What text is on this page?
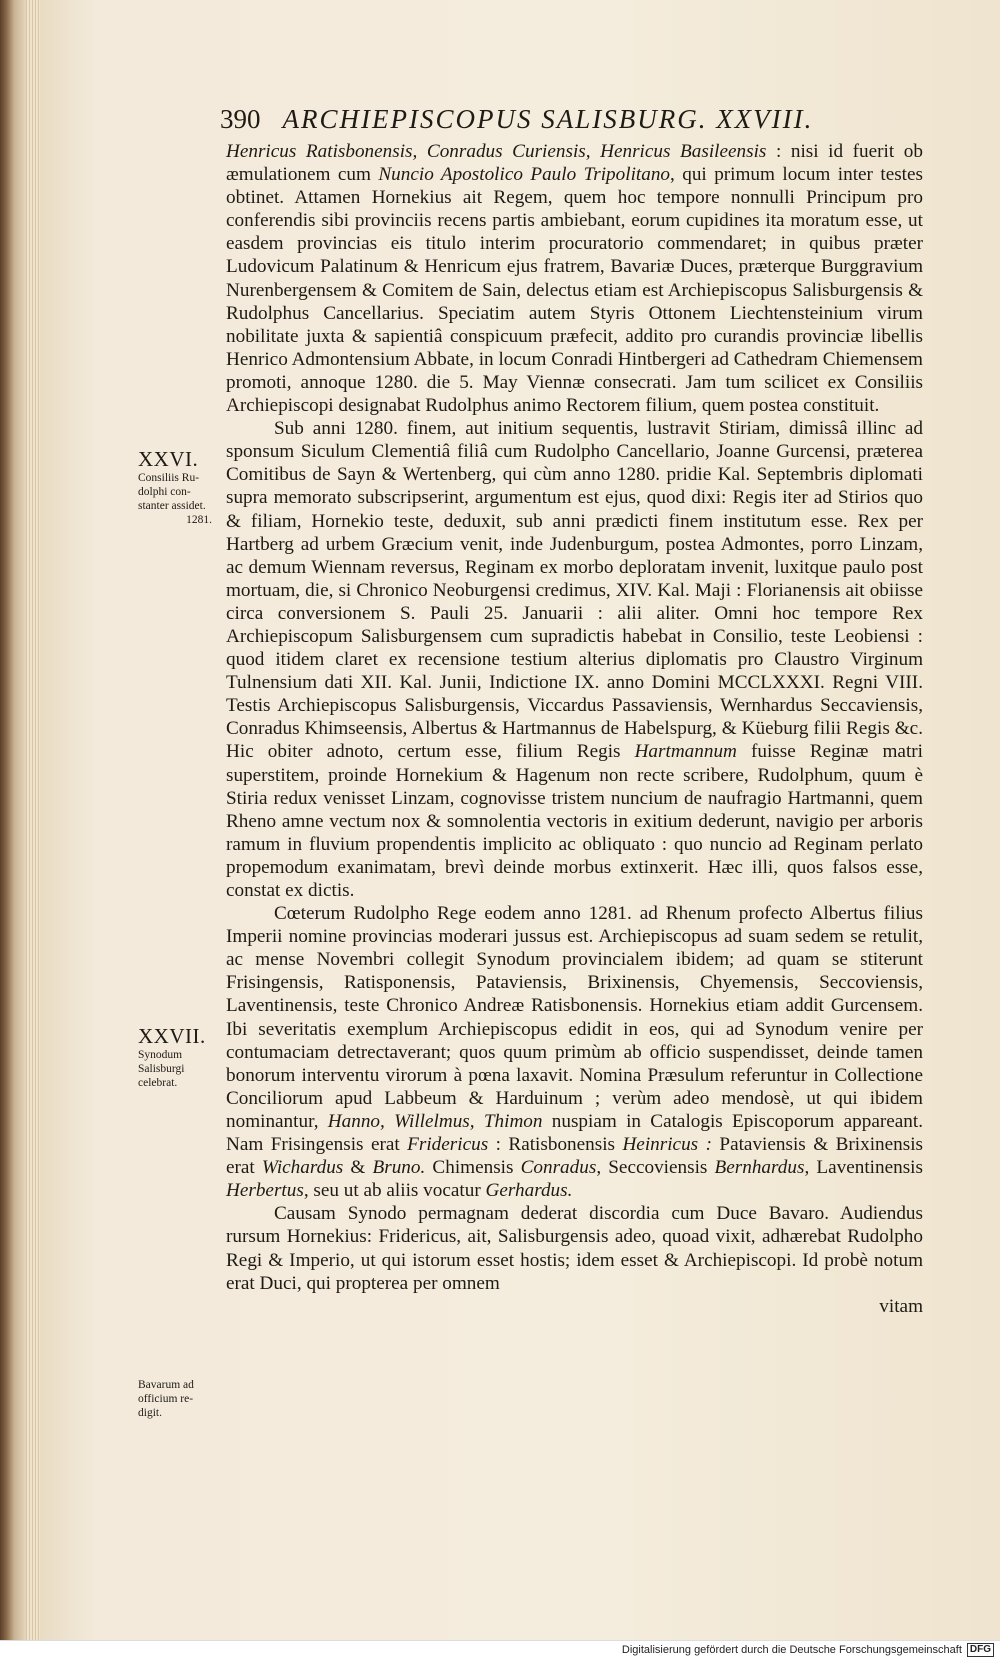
390 ARCHIEPISCOPUS SALISBURG. XXVIII.
XXVI.
Consiliis Ru-
dolphi con-
stanter assidet.
1281.
XXVII.
Synodum
Salisburgi
celebrat.
Bavarum ad
officium re-
digit.

Henricus Ratisbonensis, Conradus Curiensis, Henricus Basileensis : nisi id fuerit ob æmulationem cum Nuncio Apostolico Paulo Tripolitano, qui primum locum inter testes obtinet. Attamen Hornekius ait Regem, quem hoc tempore nonnulli Principum pro conferendis sibi provinciis recens partis ambiebant, eorum cupidines ita moratum esse, ut easdem provincias eis titulo interim procuratorio commendaret; in quibus præter Ludovicum Palatinum & Henricum ejus fratrem, Bavariæ Duces, præterque Burggravium Nurenbergensem & Comitem de Sain, delectus etiam est Archiepiscopus Salisburgensis & Rudolphus Cancellarius. Speciatim autem Styris Ottonem Liechtensteinium virum nobilitate juxta & sapientiâ conspicuum præfecit, addito pro curandis provinciæ libellis Henrico Admontensium Abbate, in locum Conradi Hintbergeri ad Cathedram Chiemensem promoti, annoque 1280. die 5. May Viennæ consecrati. Jam tum scilicet ex Consiliis Archiepiscopi designabat Rudolphus animo Rectorem filium, quem postea constituit.

Sub anni 1280. finem, aut initium sequentis, lustravit Stiriam, dimissâ illinc ad sponsum Siculum Clementiâ filiâ cum Rudolpho Cancellario, Joanne Gurcensi, præterea Comitibus de Sayn & Wertenberg, qui cùm anno 1280. pridie Kal. Septembris diplomati supra memorato subscripserint, argumentum est ejus, quod dixi: Regis iter ad Stirios quo & filiam, Hornekio teste, deduxit, sub anni prædicti finem institutum esse. Rex per Hartberg ad urbem Græcium venit, inde Judenburgum, postea Admontes, porro Linzam, ac demum Wiennam reversus, Reginam ex morbo deploratam invenit, luxitque paulo post mortuam, die, si Chronico Neoburgensi credimus, XIV. Kal. Maji : Florianensis ait obiisse circa conversionem S. Pauli 25. Januarii : alii aliter. Omni hoc tempore Rex Archiepiscopum Salisburgensem cum supradictis habebat in Consilio, teste Leobiensi : quod itidem claret ex recensione testium alterius diplomatis pro Claustro Virginum Tulnensium dati XII. Kal. Junii, Indictione IX. anno Domini MCCLXXXI. Regni VIII. Testis Archiepiscopus Salisburgensis, Viccardus Passaviensis, Wernhardus Seccaviensis, Conradus Khimseensis, Albertus & Hartmannus de Habelspurg, & Küeburg filii Regis &c. Hic obiter adnoto, certum esse, filium Regis Hartmannum fuisse Reginæ matri superstitem, proinde Hornekium & Hagenum non recte scribere, Rudolphum, quum è Stiria redux venisset Linzam, cognovisse tristem nuncium de naufragio Hartmanni, quem Rheno amne vectum nox & somnolentia vectoris in exitium dederunt, navigio per arboris ramum in fluvium propendentis implicito ac obliquato : quo nuncio ad Reginam perlato propemodum exanimatam, brevì deinde morbus extinxerit. Hæc illi, quos falsos esse, constat ex dictis.

Cœterum Rudolpho Rege eodem anno 1281. ad Rhenum profecto Albertus filius Imperii nomine provincias moderari jussus est. Archiepiscopus ad suam sedem se retulit, ac mense Novembri collegit Synodum provincialem ibidem; ad quam se stiterunt Frisingensis, Ratisponensis, Pataviensis, Brixinensis, Chyemensis, Seccoviensis, Laventinensis, teste Chronico Andreæ Ratisbonensis. Hornekius etiam addit Gurcensem. Ibi severitatis exemplum Archiepiscopus edidit in eos, qui ad Synodum venire per contumaciam detrectaverant; quos quum primùm ab officio suspendisset, deinde tamen bonorum interventu virorum à pœna laxavit. Nomina Præsulum referuntur in Collectione Conciliorum apud Labbeum & Harduinum ; verùm adeo mendosè, ut qui ibidem nominantur, Hanno, Willelmus, Thimon nuspiam in Catalogis Episcoporum appareant. Nam Frisingensis erat Fridericus : Ratisbonensis Heinricus : Pataviensis & Brixinensis erat Wichardus & Bruno. Chimensis Conradus, Seccoviensis Bernhardus, Laventinensis Herbertus, seu ut ab aliis vocatur Gerhardus.

Causam Synodo permagnam dederat discordia cum Duce Bavaro. Audiendus rursum Hornekius: Fridericus, ait, Salisburgensis adeo, quoad vixit, adhærebat Rudolpho Regi & Imperio, ut qui istorum esset hostis; idem esset & Archiepiscopi. Id probè notum erat Duci, qui propterea per omnem

vitam
Digitalisierung gefördert durch die Deutsche Forschungsgemeinschaft DFG
